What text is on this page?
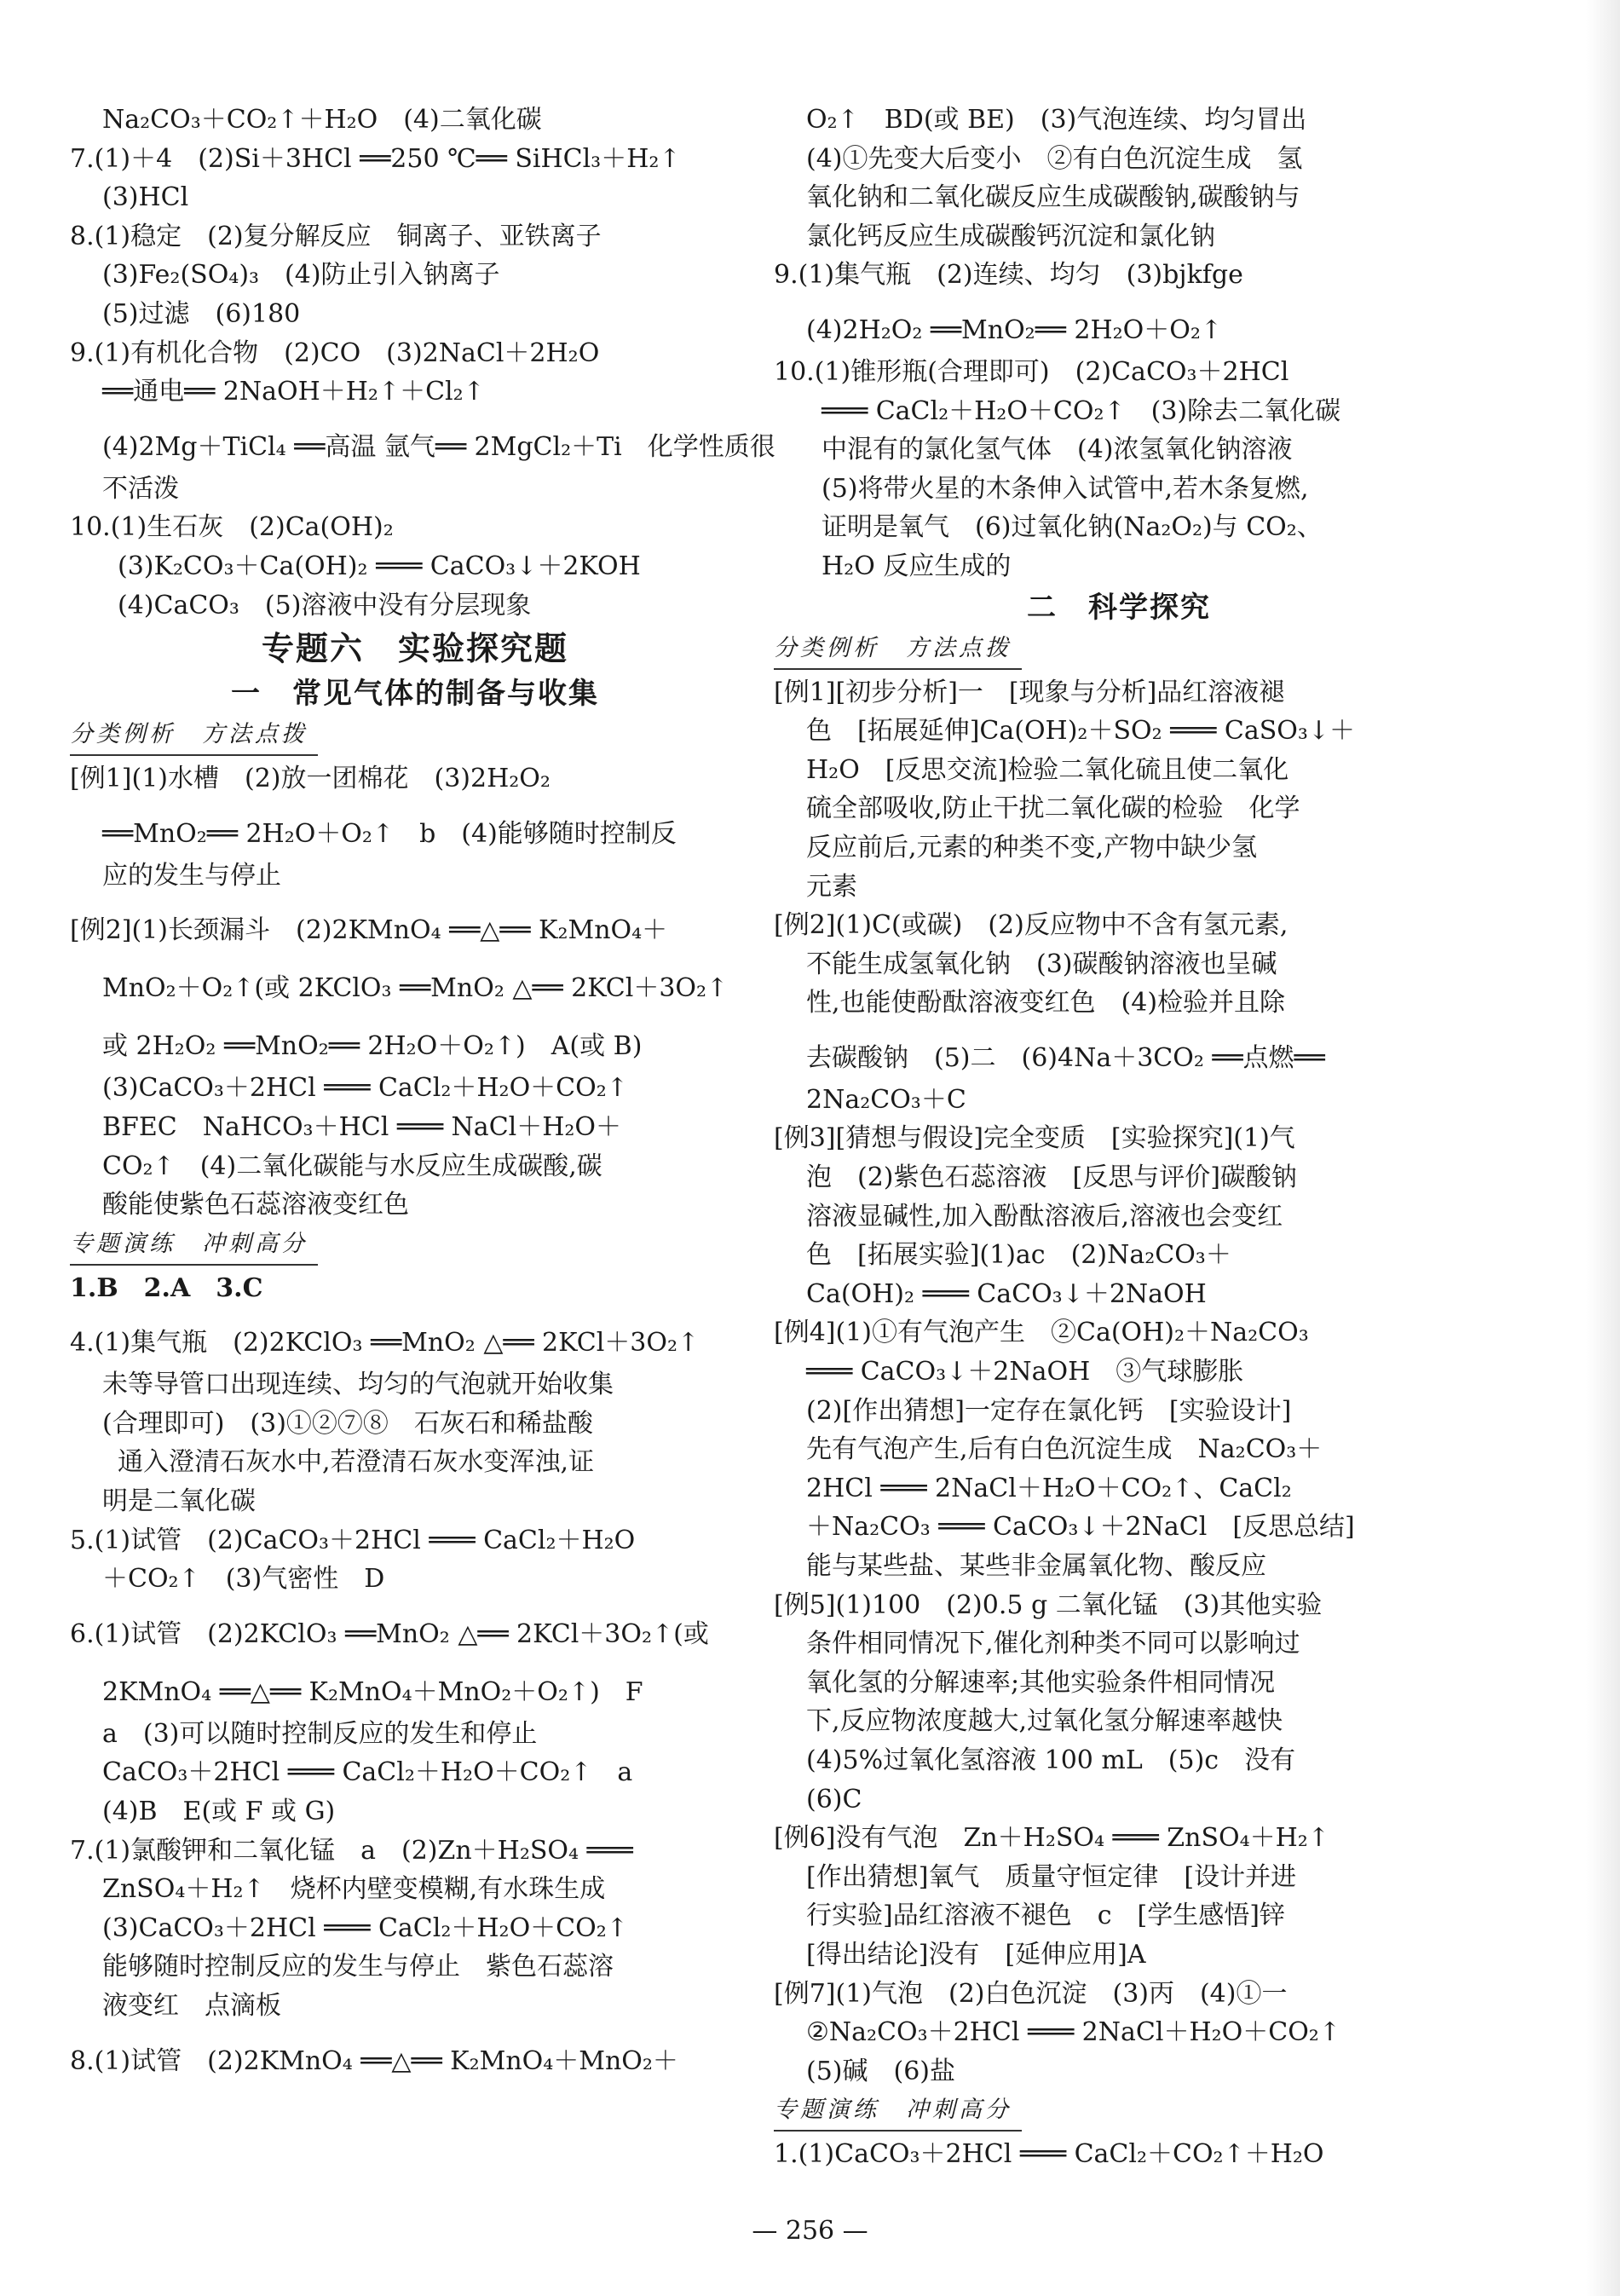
Na₂CO₃＋CO₂↑＋H₂O　(4)二氧化碳
7.(1)＋4　(2)Si＋3HCl ══250 ℃══ SiHCl₃＋H₂↑
(3)HCl
8.(1)稳定　(2)复分解反应　铜离子、亚铁离子
(3)Fe₂(SO₄)₃　(4)防止引入钠离子
(5)过滤　(6)180
9.(1)有机化合物　(2)CO　(3)2NaCl＋2H₂O
══通电══ 2NaOH＋H₂↑＋Cl₂↑
(4)2Mg＋TiCl₄ ══高温 氩气══ 2MgCl₂＋Ti　化学性质很
不活泼
10.(1)生石灰　(2)Ca(OH)₂
(3)K₂CO₃＋Ca(OH)₂ ═══ CaCO₃↓＋2KOH
(4)CaCO₃　(5)溶液中没有分层现象
专题六　实验探究题
一　常见气体的制备与收集
分类例析　方法点拨
[例1](1)水槽　(2)放一团棉花　(3)2H₂O₂
══MnO₂══ 2H₂O＋O₂↑　b　(4)能够随时控制反
应的发生与停止
[例2](1)长颈漏斗　(2)2KMnO₄ ══△══ K₂MnO₄＋
MnO₂＋O₂↑(或 2KClO₃ ══MnO₂ △══ 2KCl＋3O₂↑
或 2H₂O₂ ══MnO₂══ 2H₂O＋O₂↑)　A(或 B)
(3)CaCO₃＋2HCl ═══ CaCl₂＋H₂O＋CO₂↑
BFEC　NaHCO₃＋HCl ═══ NaCl＋H₂O＋
CO₂↑　(4)二氧化碳能与水反应生成碳酸,碳
酸能使紫色石蕊溶液变红色
专题演练　冲刺高分
1.B　2.A　3.C
4.(1)集气瓶　(2)2KClO₃ ══MnO₂ △══ 2KCl＋3O₂↑
未等导管口出现连续、均匀的气泡就开始收集
(合理即可)　(3)①②⑦⑧　石灰石和稀盐酸
通入澄清石灰水中,若澄清石灰水变浑浊,证
明是二氧化碳
5.(1)试管　(2)CaCO₃＋2HCl ═══ CaCl₂＋H₂O
＋CO₂↑　(3)气密性　D
6.(1)试管　(2)2KClO₃ ══MnO₂ △══ 2KCl＋3O₂↑(或
2KMnO₄ ══△══ K₂MnO₄＋MnO₂＋O₂↑)　F
a　(3)可以随时控制反应的发生和停止
CaCO₃＋2HCl ═══ CaCl₂＋H₂O＋CO₂↑　a
(4)B　E(或 F 或 G)
7.(1)氯酸钾和二氧化锰　a　(2)Zn＋H₂SO₄ ═══
ZnSO₄＋H₂↑　烧杯内壁变模糊,有水珠生成
(3)CaCO₃＋2HCl ═══ CaCl₂＋H₂O＋CO₂↑
能够随时控制反应的发生与停止　紫色石蕊溶
液变红　点滴板
8.(1)试管　(2)2KMnO₄ ══△══ K₂MnO₄＋MnO₂＋
O₂↑　BD(或 BE)　(3)气泡连续、均匀冒出
(4)①先变大后变小　②有白色沉淀生成　氢
氧化钠和二氧化碳反应生成碳酸钠,碳酸钠与
氯化钙反应生成碳酸钙沉淀和氯化钠
9.(1)集气瓶　(2)连续、均匀　(3)bjkfge
(4)2H₂O₂ ══MnO₂══ 2H₂O＋O₂↑
10.(1)锥形瓶(合理即可)　(2)CaCO₃＋2HCl
═══ CaCl₂＋H₂O＋CO₂↑　(3)除去二氧化碳
中混有的氯化氢气体　(4)浓氢氧化钠溶液
(5)将带火星的木条伸入试管中,若木条复燃,
证明是氧气　(6)过氧化钠(Na₂O₂)与 CO₂、
H₂O 反应生成的
二　科学探究
分类例析　方法点拨
[例1][初步分析]一　[现象与分析]品红溶液褪
色　[拓展延伸]Ca(OH)₂＋SO₂ ═══ CaSO₃↓＋
H₂O　[反思交流]检验二氧化硫且使二氧化
硫全部吸收,防止干扰二氧化碳的检验　化学
反应前后,元素的种类不变,产物中缺少氢
元素
[例2](1)C(或碳)　(2)反应物中不含有氢元素,
不能生成氢氧化钠　(3)碳酸钠溶液也呈碱
性,也能使酚酞溶液变红色　(4)检验并且除
去碳酸钠　(5)二　(6)4Na＋3CO₂ ══点燃══
2Na₂CO₃＋C
[例3][猜想与假设]完全变质　[实验探究](1)气
泡　(2)紫色石蕊溶液　[反思与评价]碳酸钠
溶液显碱性,加入酚酞溶液后,溶液也会变红
色　[拓展实验](1)ac　(2)Na₂CO₃＋
Ca(OH)₂ ═══ CaCO₃↓＋2NaOH
[例4](1)①有气泡产生　②Ca(OH)₂＋Na₂CO₃
═══ CaCO₃↓＋2NaOH　③气球膨胀
(2)[作出猜想]一定存在氯化钙　[实验设计]
先有气泡产生,后有白色沉淀生成　Na₂CO₃＋
2HCl ═══ 2NaCl＋H₂O＋CO₂↑、CaCl₂
＋Na₂CO₃ ═══ CaCO₃↓＋2NaCl　[反思总结]
能与某些盐、某些非金属氧化物、酸反应
[例5](1)100　(2)0.5 g 二氧化锰　(3)其他实验
条件相同情况下,催化剂种类不同可以影响过
氧化氢的分解速率;其他实验条件相同情况
下,反应物浓度越大,过氧化氢分解速率越快
(4)5%过氧化氢溶液 100 mL　(5)c　没有
(6)C
[例6]没有气泡　Zn＋H₂SO₄ ═══ ZnSO₄＋H₂↑
[作出猜想]氧气　质量守恒定律　[设计并进
行实验]品红溶液不褪色　c　[学生感悟]锌
[得出结论]没有　[延伸应用]A
[例7](1)气泡　(2)白色沉淀　(3)丙　(4)①一
②Na₂CO₃＋2HCl ═══ 2NaCl＋H₂O＋CO₂↑
(5)碱　(6)盐
专题演练　冲刺高分
1.(1)CaCO₃＋2HCl ═══ CaCl₂＋CO₂↑＋H₂O
— 256 —
